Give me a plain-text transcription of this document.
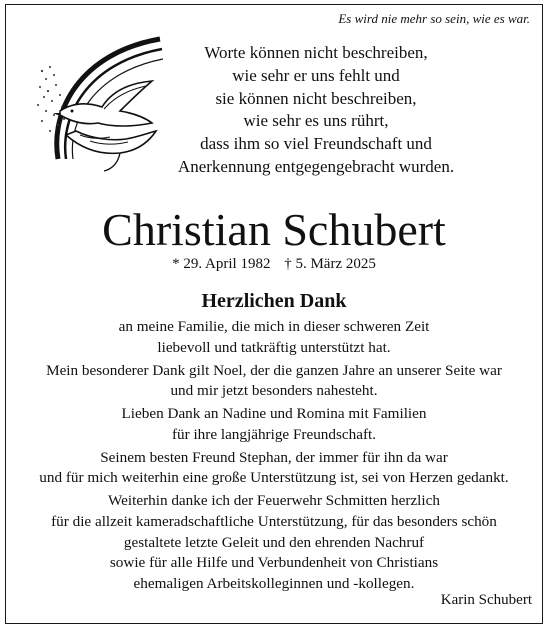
Es wird nie mehr so sein, wie es war.
Worte können nicht beschreiben,
wie sehr er uns fehlt und
sie können nicht beschreiben,
wie sehr es uns rührt,
dass ihm so viel Freundschaft und
Anerkennung entgegengebracht wurden.
Christian Schubert
* 29. April 1982 † 5. März 2025
Herzlichen Dank
an meine Familie, die mich in dieser schweren Zeit
liebevoll und tatkräftig unterstützt hat.
Mein besonderer Dank gilt Noel, der die ganzen Jahre an unserer Seite war
und mir jetzt besonders nahesteht.
Lieben Dank an Nadine und Romina mit Familien
für ihre langjährige Freundschaft.
Seinem besten Freund Stephan, der immer für ihn da war
und für mich weiterhin eine große Unterstützung ist, sei von Herzen gedankt.
Weiterhin danke ich der Feuerwehr Schmitten herzlich
für die allzeit kameradschaftliche Unterstützung, für das besonders schön
gestaltete letzte Geleit und den ehrenden Nachruf
sowie für alle Hilfe und Verbundenheit von Christians
ehemaligen Arbeitskolleginnen und -kollegen.
Karin Schubert
